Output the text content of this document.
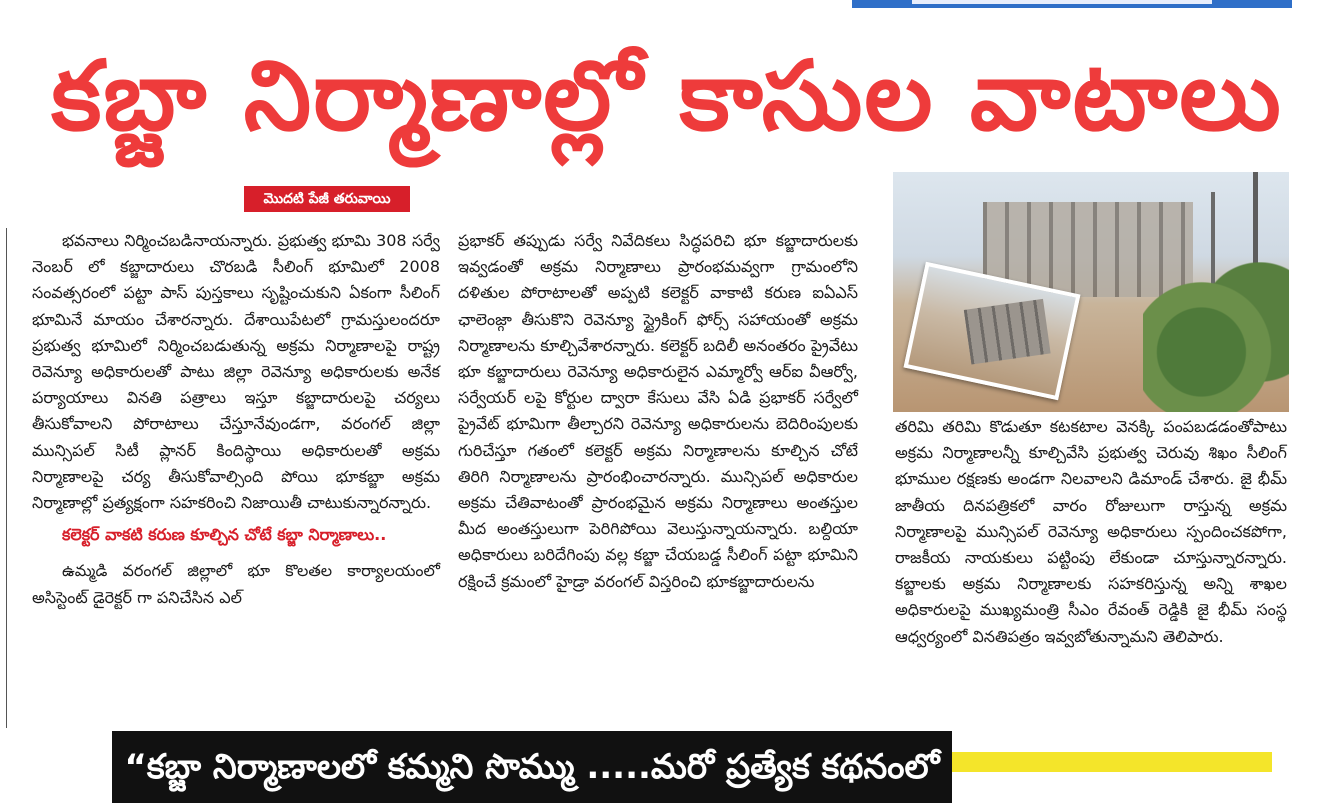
కబ్జా నిర్మాణాల్లో కాసుల వాటాలు
మొదటి పేజీ తరువాయి

భవనాలు నిర్మించబడినాయన్నారు. ప్రభుత్వ భూమి 308 సర్వే నెంబర్ లో కబ్జాదారులు చొరబడి సీలింగ్ భూమిలో 2008 సంవత్సరంలో పట్టా పాస్ పుస్తకాలు సృష్టించుకుని ఏకంగా సీలింగ్ భూమినే మాయం చేశారన్నారు. దేశాయిపేటలో గ్రామస్తులందరూ ప్రభుత్వ భూమిలో నిర్మించబడుతున్న అక్రమ నిర్మాణాలపై రాష్ట్ర రెవెన్యూ అధికారులతో పాటు జిల్లా రెవెన్యూ అధికారులకు అనేక పర్యాయాలు వినతి పత్రాలు ఇస్తూ కబ్జాదారులపై చర్యలు తీసుకోవాలని పోరాటాలు చేస్తూనేవుండగా, వరంగల్ జిల్లా మున్సిపల్ సిటీ ప్లానర్ కిందిస్థాయి అధికారులతో అక్రమ నిర్మాణాలపై చర్య తీసుకోవాల్సింది పోయి భూకబ్జా అక్రమ నిర్మాణాల్లో ప్రత్యక్షంగా సహకరించి నిజాయితీ చాటుకున్నారన్నారు.

కలెక్టర్ వాకటి కరుణ కూల్చిన చోటే కబ్జా నిర్మాణాలు..

ఉమ్మడి వరంగల్ జిల్లాలో భూ కొలతల కార్యాలయంలో అసిస్టెంట్ డైరెక్టర్ గా పనిచేసిన ఎల్

ప్రభాకర్ తప్పుడు సర్వే నివేదికలు సిద్ధపరిచి భూ కబ్జాదారులకు ఇవ్వడంతో అక్రమ నిర్మాణాలు ప్రారంభమవ్వగా గ్రామంలోని దళితుల పోరాటాలతో అప్పటి కలెక్టర్ వాకాటి కరుణ ఐఏఎస్ ఛాలెంజ్గా తీసుకొని రెవెన్యూ స్ట్రైకింగ్ ఫోర్స్ సహాయంతో అక్రమ నిర్మాణాలను కూల్చివేశారన్నారు. కలెక్టర్ బదిలీ అనంతరం ప్రైవేటు భూ కబ్జాదారులు రెవెన్యూ అధికారులైన ఎమ్మార్వో ఆర్ఐ వీఆర్వో, సర్వేయర్ లపై కోర్టుల ద్వారా కేసులు వేసి ఏడి ప్రభాకర్ సర్వేలో ప్రైవేట్ భూమిగా తీల్చారని రెవెన్యూ అధికారులను బెదిరింపులకు గురిచేస్తూ గతంలో కలెక్టర్ అక్రమ నిర్మాణాలను కూల్చిన చోటే తిరిగి నిర్మాణాలను ప్రారంభించారన్నారు. మున్సిపల్ అధికారుల అక్రమ చేతివాటంతో ప్రారంభమైన అక్రమ నిర్మాణాలు అంతస్తుల మీద అంతస్తులుగా పెరిగిపోయి వెలుస్తున్నాయన్నారు. బల్దియా అధికారులు బరిదేగింపు వల్ల కబ్జా చేయబడ్డ సీలింగ్ పట్టా భూమిని రక్షించే క్రమంలో హైడ్రా వరంగల్ విస్తరించి భూకబ్జాదారులను

తరిమి తరిమి కొడుతూ కటకటాల వెనక్కి పంపబడడంతోపాటు అక్రమ నిర్మాణాలన్నీ కూల్చివేసి ప్రభుత్వ చెరువు శిఖం సీలింగ్ భూముల రక్షణకు అండగా నిలవాలని డిమాండ్ చేశారు. జై భీమ్ జాతీయ దినపత్రికలో వారం రోజులుగా రాస్తున్న అక్రమ నిర్మాణాలపై మున్సిపల్ రెవెన్యూ అధికారులు స్పందించకపోగా, రాజకీయ నాయకులు పట్టింపు లేకుండా చూస్తున్నారన్నారు. కబ్జాలకు అక్రమ నిర్మాణాలకు సహకరిస్తున్న అన్ని శాఖల అధికారులపై ముఖ్యమంత్రి సీఎం రేవంత్ రెడ్డికి జై భీమ్ సంస్థ ఆధ్వర్యంలో వినతిపత్రం ఇవ్వబోతున్నామని తెలిపారు.

“కబ్జా నిర్మాణాలలో కమ్మని సొమ్ము .....మరో ప్రత్యేక కథనంలో
